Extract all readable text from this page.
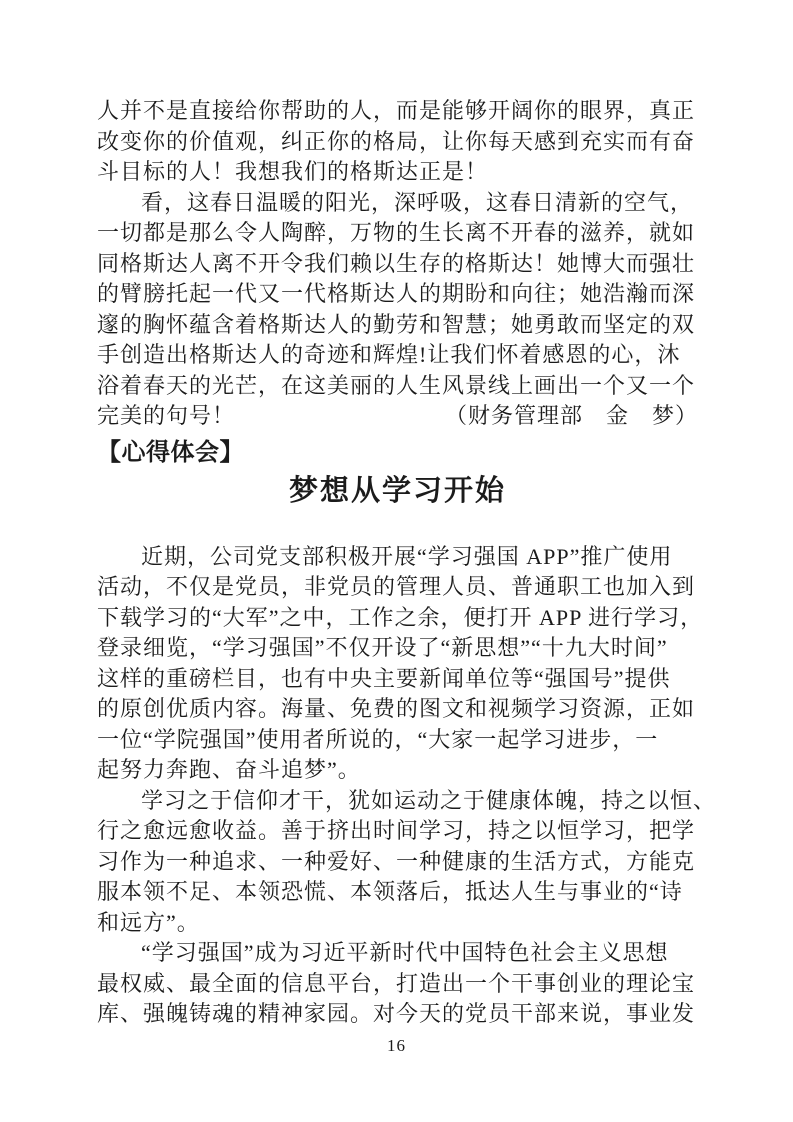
人并不是直接给你帮助的人，而是能够开阔你的眼界，真正
改变你的价值观，纠正你的格局，让你每天感到充实而有奋
斗目标的人！我想我们的格斯达正是！
看，这春日温暖的阳光，深呼吸，这春日清新的空气，
一切都是那么令人陶醉，万物的生长离不开春的滋养，就如
同格斯达人离不开令我们赖以生存的格斯达！她博大而强壮
的臂膀托起一代又一代格斯达人的期盼和向往；她浩瀚而深
邃的胸怀蕴含着格斯达人的勤劳和智慧；她勇敢而坚定的双
手创造出格斯达人的奇迹和辉煌!让我们怀着感恩的心，沐
浴着春天的光芒，在这美丽的人生风景线上画出一个又一个
完美的句号！	（财务管理部　金　梦）
【心得体会】
梦想从学习开始
近期，公司党支部积极开展“学习强国 APP”推广使用
活动，不仅是党员，非党员的管理人员、普通职工也加入到
下载学习的“大军”之中，工作之余，便打开 APP 进行学习，
登录细览，“学习强国”不仅开设了“新思想”“十九大时间”
这样的重磅栏目，也有中央主要新闻单位等“强国号”提供
的原创优质内容。海量、免费的图文和视频学习资源，正如
一位“学院强国”使用者所说的，“大家一起学习进步，一
起努力奔跑、奋斗追梦”。
学习之于信仰才干，犹如运动之于健康体魄，持之以恒、
行之愈远愈收益。善于挤出时间学习，持之以恒学习，把学
习作为一种追求、一种爱好、一种健康的生活方式，方能克
服本领不足、本领恐慌、本领落后，抵达人生与事业的“诗
和远方”。
“学习强国”成为习近平新时代中国特色社会主义思想
最权威、最全面的信息平台，打造出一个干事创业的理论宝
库、强魄铸魂的精神家园。对今天的党员干部来说，事业发
16
